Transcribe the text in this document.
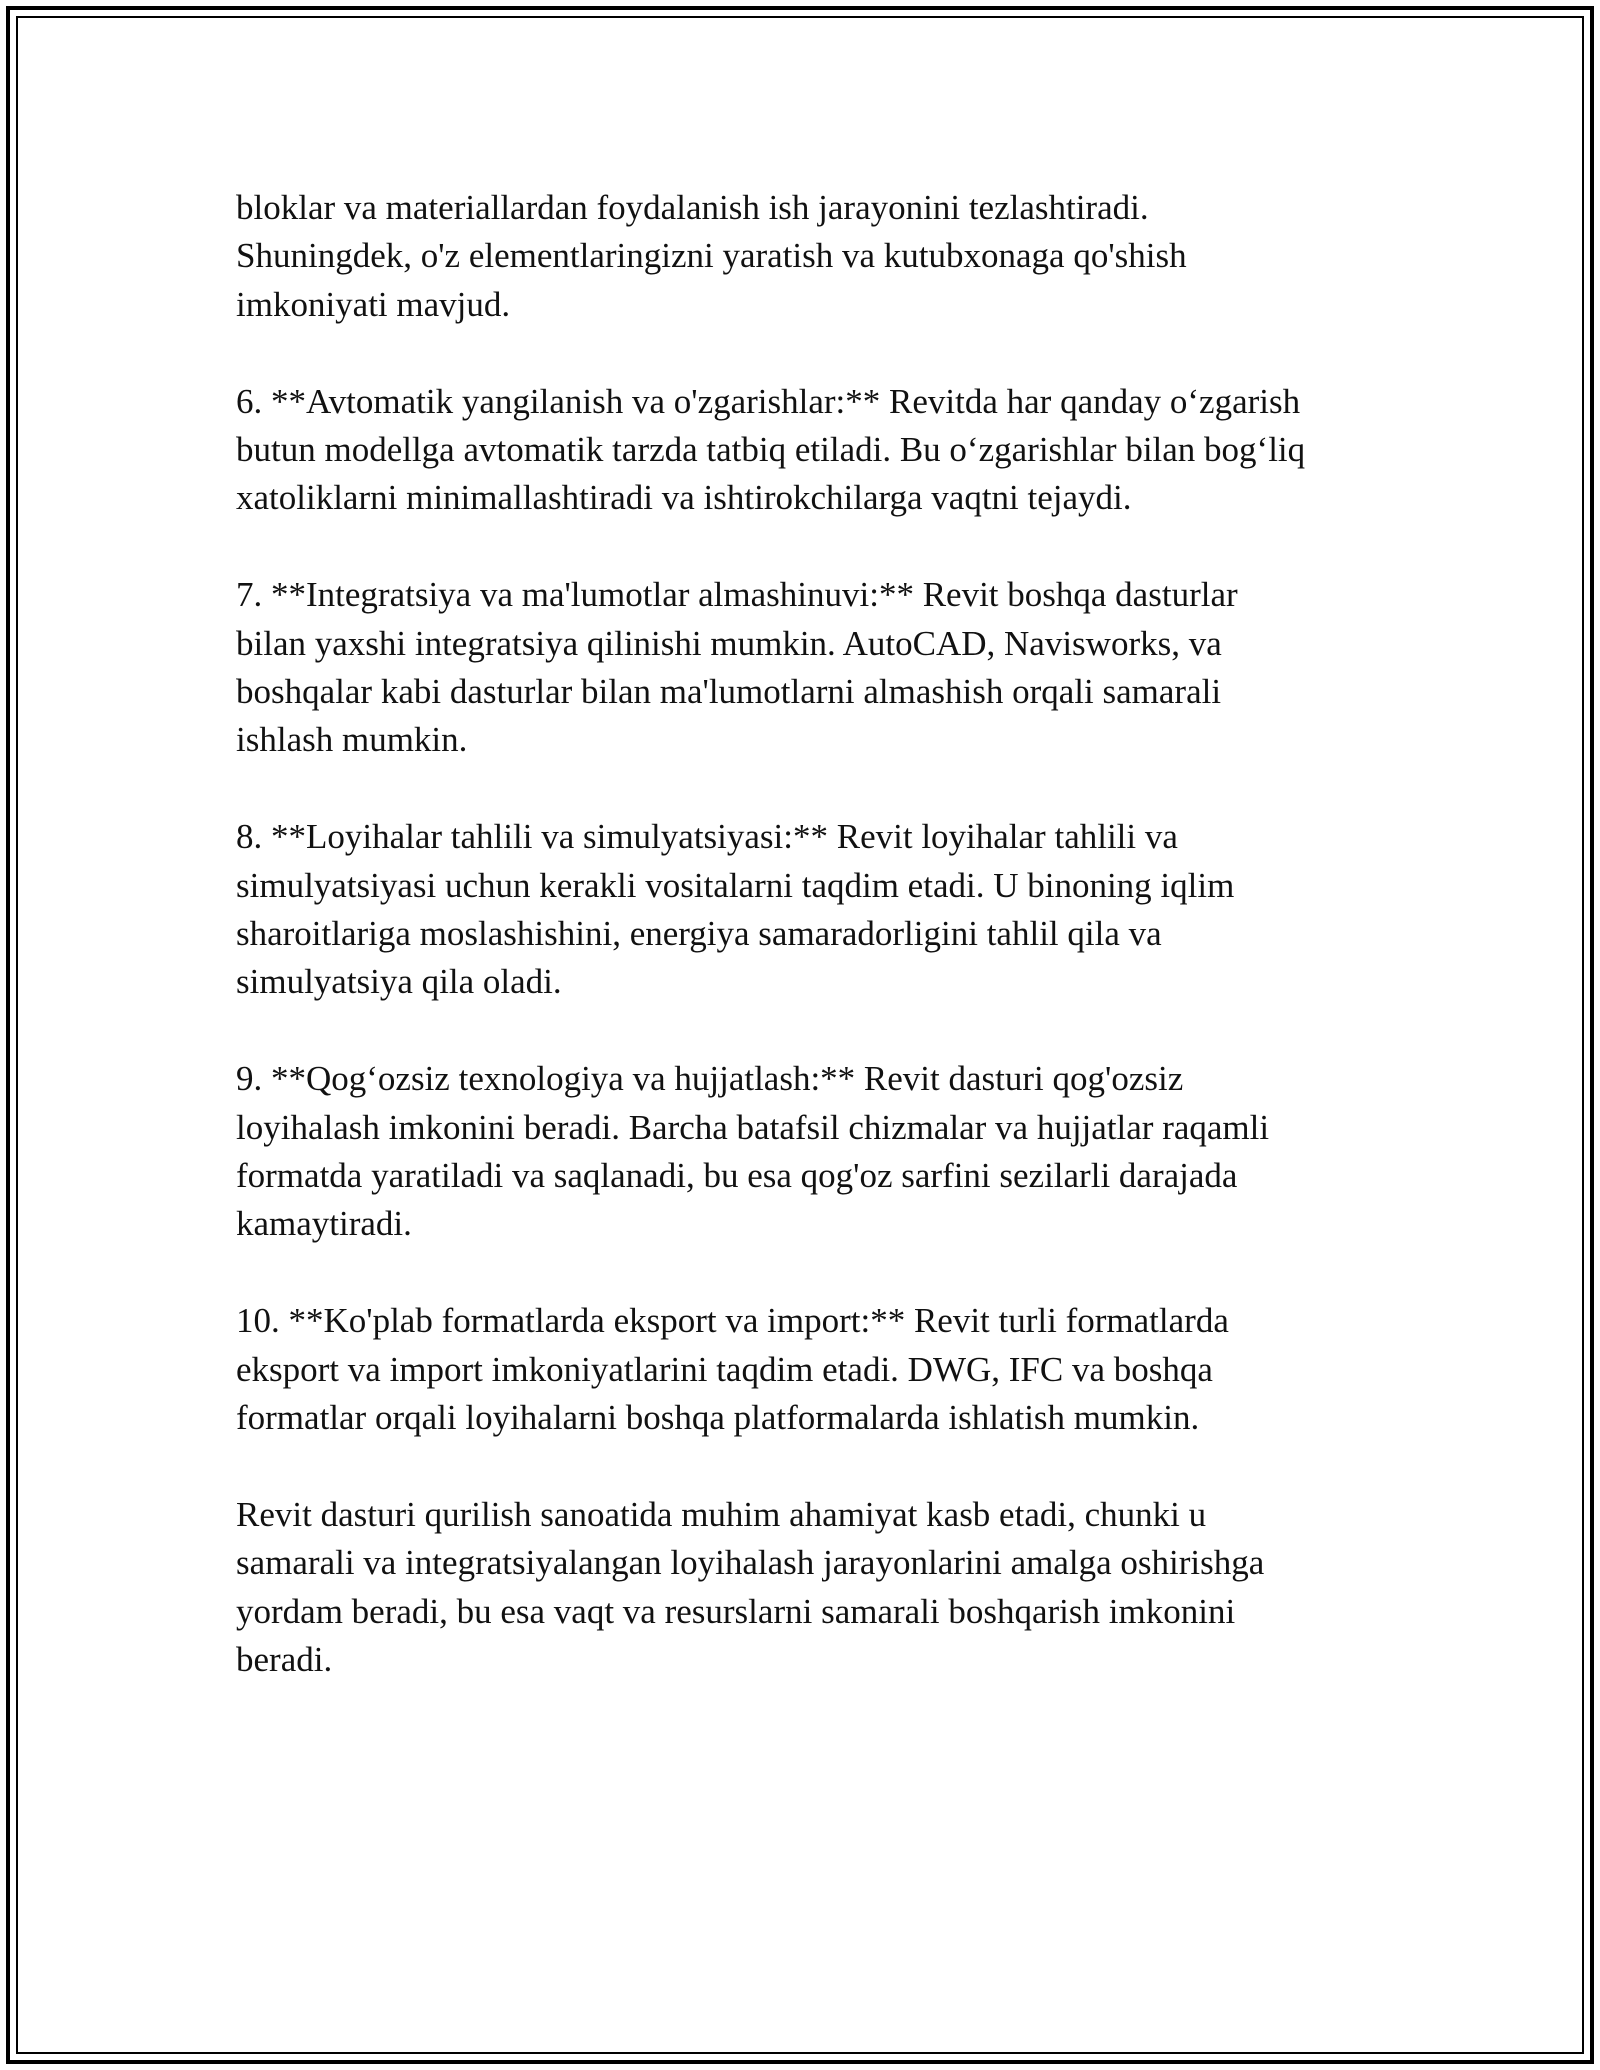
bloklar va materiallardan foydalanish ish jarayonini tezlashtiradi.
Shuningdek, o'z elementlaringizni yaratish va kutubxonaga qo'shish
imkoniyati mavjud.

6. **Avtomatik yangilanish va o'zgarishlar:** Revitda har qanday o‘zgarish
butun modellga avtomatik tarzda tatbiq etiladi. Bu o‘zgarishlar bilan bog‘liq
xatoliklarni minimallashtiradi va ishtirokchilarga vaqtni tejaydi.

7. **Integratsiya va ma'lumotlar almashinuvi:** Revit boshqa dasturlar
bilan yaxshi integratsiya qilinishi mumkin. AutoCAD, Navisworks, va
boshqalar kabi dasturlar bilan ma'lumotlarni almashish orqali samarali
ishlash mumkin.

8. **Loyihalar tahlili va simulyatsiyasi:** Revit loyihalar tahlili va
simulyatsiyasi uchun kerakli vositalarni taqdim etadi. U binoning iqlim
sharoitlariga moslashishini, energiya samaradorligini tahlil qila va
simulyatsiya qila oladi.

9. **Qog‘ozsiz texnologiya va hujjatlash:** Revit dasturi qog'ozsiz
loyihalash imkonini beradi. Barcha batafsil chizmalar va hujjatlar raqamli
formatda yaratiladi va saqlanadi, bu esa qog'oz sarfini sezilarli darajada
kamaytiradi.

10. **Ko'plab formatlarda eksport va import:** Revit turli formatlarda
eksport va import imkoniyatlarini taqdim etadi. DWG, IFC va boshqa
formatlar orqali loyihalarni boshqa platformalarda ishlatish mumkin.

Revit dasturi qurilish sanoatida muhim ahamiyat kasb etadi, chunki u
samarali va integratsiyalangan loyihalash jarayonlarini amalga oshirishga
yordam beradi, bu esa vaqt va resurslarni samarali boshqarish imkonini
beradi.
